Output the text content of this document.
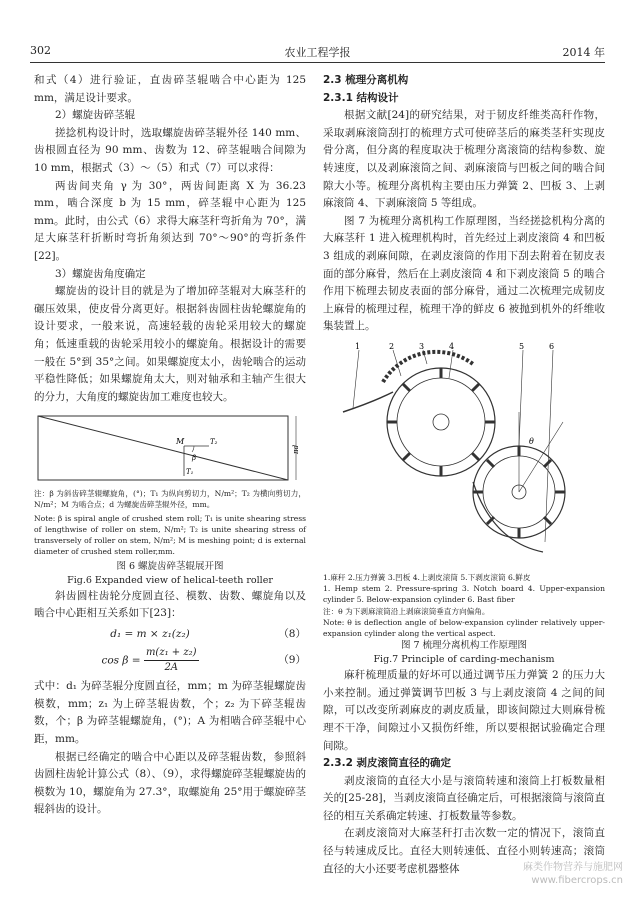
302	农业工程学报	2014 年

和式（4）进行验证，直齿碎茎辊啮合中心距为 125 mm，满足设计要求。

2）螺旋齿碎茎辊

搓捻机构设计时，选取螺旋齿碎茎辊外径 140 mm、齿根圆直径为 90 mm、齿数为 12、碎茎辊啮合间隙为 10 mm，根据式（3）～（5）和式（7）可以求得：

两齿间夹角 γ 为 30°，两齿间距离 X 为 36.23 mm，啮合深度 b 为 15 mm，碎茎辊中心距为 125 mm。此时，由公式（6）求得大麻茎秆弯折角为 70°，满足大麻茎秆折断时弯折角须达到 70°～90°的弯折条件[22]。

3）螺旋齿角度确定

螺旋齿的设计目的就是为了增加碎茎辊对大麻茎秆的碾压效果，使皮骨分离更好。根据斜齿圆柱齿轮螺旋角的设计要求，一般来说，高速轻载的齿轮采用较大的螺旋角；低速重载的齿轮采用较小的螺旋角。根据设计的需要一般在 5°到 35°之间。如果螺旋度太小，齿轮啮合的运动平稳性降低；如果螺旋角太大，则对轴承和主轴产生很大的分力，大角度的螺旋齿加工难度也较大。

M	T₂
β
T₁
πd

注：β 为斜齿碎茎辊螺旋角，(°)；T₁ 为纵向剪切力，N/m²；T₂ 为横向剪切力，N/m²；M 为啮合点；d 为螺旋齿碎茎辊外径，mm。

Note: β is spiral angle of crushed stem roll; T₁ is unite shearing stress of lengthwise of roller on stem, N/m²; T₂ is unite shearing stress of transversely of roller on stem, N/m²; M is meshing point; d is external diameter of crushed stem roller,mm.

图 6 螺旋齿碎茎辊展开图
Fig.6 Expanded view of helical-teeth roller

斜齿圆柱齿轮分度圆直径、模数、齿数、螺旋角以及啮合中心距相互关系如下[23]：

d₁ = m × z₁(z₂)	（8）
$\cos \beta = \frac{\text{m(z₁ + z₂)}}{2A}$	（9）

式中：d₁ 为碎茎辊分度圆直径，mm；m 为碎茎辊螺旋齿模数，mm；z₁ 为上碎茎辊齿数，个；z₂ 为下碎茎辊齿数，个；β 为碎茎辊螺旋角，(°)；A 为相啮合碎茎辊中心距，mm。

根据已经确定的啮合中心距以及碎茎辊齿数，参照斜齿圆柱齿轮计算公式（8）、（9），求得螺旋碎茎辊螺旋齿的模数为 10，螺旋角为 27.3°，取螺旋角 25°用于螺旋碎茎辊斜齿的设计。

2.3 梳理分离机构

2.3.1 结构设计

根据文献[24]的研究结果，对于韧皮纤维类高秆作物，采取剥麻滚筒刮打的梳理方式可使碎茎后的麻类茎秆实现皮骨分离，但分离的程度取决于梳理分离滚筒的结构参数、旋转速度，以及剥麻滚筒之间、剥麻滚筒与凹板之间的啮合间隙大小等。梳理分离机构主要由压力弹簧 2、凹板 3、上剥麻滚筒 4、下剥麻滚筒 5 等组成。

图 7 为梳理分离机构工作原理图，当经搓捻机构分离的大麻茎秆 1 进入梳理机构时，首先经过上剥皮滚筒 4 和凹板 3 组成的剥麻间隙，在剥皮滚筒的作用下刮去附着在韧皮表面的部分麻骨，然后在上剥皮滚筒 4 和下剥皮滚筒 5 的啮合作用下梳理去韧皮表面的部分麻骨，通过二次梳理完成韧皮上麻骨的梳理过程，梳理干净的鲜皮 6 被抛到机外的纤维收集装置上。

1	2	3	4	5	6
θ

1.麻秆 2.压力弹簧 3.凹板 4.上剥皮滚筒 5.下剥皮滚筒 6.鲜皮

1. Hemp stem 2. Pressure-spring 3. Notch board 4. Upper-expansion cylinder 5. Below-expansion cylinder 6. Bast fiber

注：θ 为下剥麻滚筒沿上剥麻滚筒垂直方向偏角。

Note: θ is deflection angle of below-expansion cylinder relatively upper-expansion cylinder along the vertical aspect.

图 7 梳理分离机构工作原理图
Fig.7 Principle of carding-mechanism

麻秆梳理质量的好坏可以通过调节压力弹簧 2 的压力大小来控制。通过弹簧调节凹板 3 与上剥皮滚筒 4 之间的间隙，可以改变所剥麻皮的剥皮质量，即该间隙过大则麻骨梳理不干净，间隙过小又损伤纤维，所以要根据试验确定合理间隙。

2.3.2 剥皮滚筒直径的确定

剥皮滚筒的直径大小是与滚筒转速和滚筒上打板数量相关的[25-28]，当剥皮滚筒直径确定后，可根据滚筒与滚筒直径的相互关系确定转速、打板数量等参数。

在剥皮滚筒对大麻茎秆打击次数一定的情况下，滚筒直径与转速成反比。直径大则转速低、直径小则转速高；滚筒直径的大小还要考虑机器整体	麻类作物营养与施肥网
www.fibercrops.cn
